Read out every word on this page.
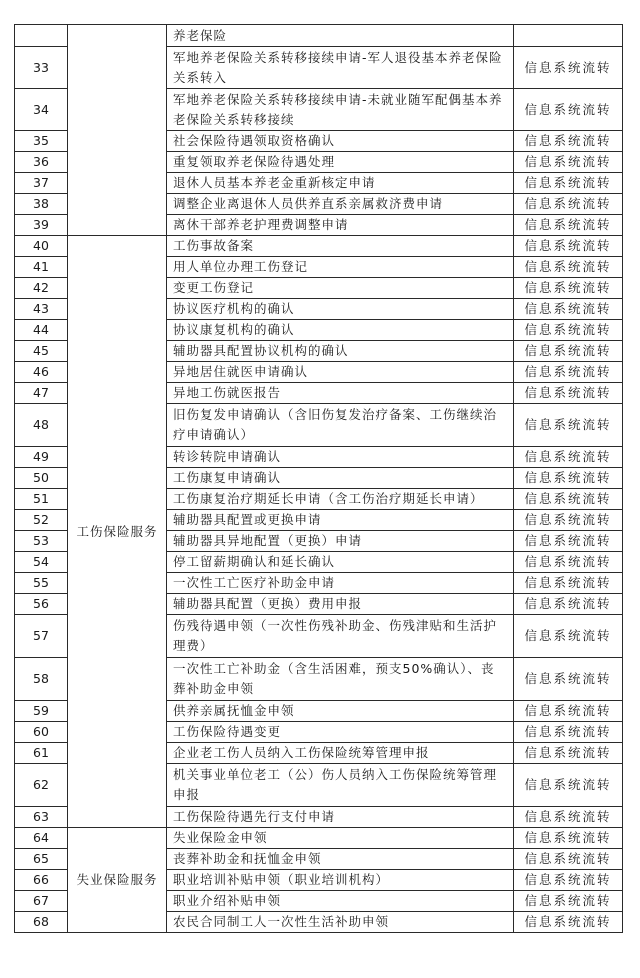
		养老保险	
33		军地养老保险关系转移接续申请-军人退役基本养老保险关系转入	信息系统流转
34		军地养老保险关系转移接续申请-未就业随军配偶基本养老保险关系转移接续	信息系统流转
35		社会保险待遇领取资格确认	信息系统流转
36		重复领取养老保险待遇处理	信息系统流转
37		退休人员基本养老金重新核定申请	信息系统流转
38		调整企业离退休人员供养直系亲属救济费申请	信息系统流转
39		离休干部养老护理费调整申请	信息系统流转
40	工伤保险服务	工伤事故备案	信息系统流转
41		用人单位办理工伤登记	信息系统流转
42		变更工伤登记	信息系统流转
43		协议医疗机构的确认	信息系统流转
44		协议康复机构的确认	信息系统流转
45		辅助器具配置协议机构的确认	信息系统流转
46		异地居住就医申请确认	信息系统流转
47		异地工伤就医报告	信息系统流转
48		旧伤复发申请确认（含旧伤复发治疗备案、工伤继续治疗申请确认）	信息系统流转
49		转诊转院申请确认	信息系统流转
50		工伤康复申请确认	信息系统流转
51		工伤康复治疗期延长申请（含工伤治疗期延长申请）	信息系统流转
52		辅助器具配置或更换申请	信息系统流转
53		辅助器具异地配置（更换）申请	信息系统流转
54		停工留薪期确认和延长确认	信息系统流转
55		一次性工亡医疗补助金申请	信息系统流转
56		辅助器具配置（更换）费用申报	信息系统流转
57		伤残待遇申领（一次性伤残补助金、伤残津贴和生活护理费）	信息系统流转
58		一次性工亡补助金（含生活困难，预支50%确认）、丧葬补助金申领	信息系统流转
59		供养亲属抚恤金申领	信息系统流转
60		工伤保险待遇变更	信息系统流转
61		企业老工伤人员纳入工伤保险统筹管理申报	信息系统流转
62		机关事业单位老工（公）伤人员纳入工伤保险统筹管理申报	信息系统流转
63		工伤保险待遇先行支付申请	信息系统流转
64	失业保险服务	失业保险金申领	信息系统流转
65		丧葬补助金和抚恤金申领	信息系统流转
66		职业培训补贴申领（职业培训机构）	信息系统流转
67		职业介绍补贴申领	信息系统流转
68		农民合同制工人一次性生活补助申领	信息系统流转
